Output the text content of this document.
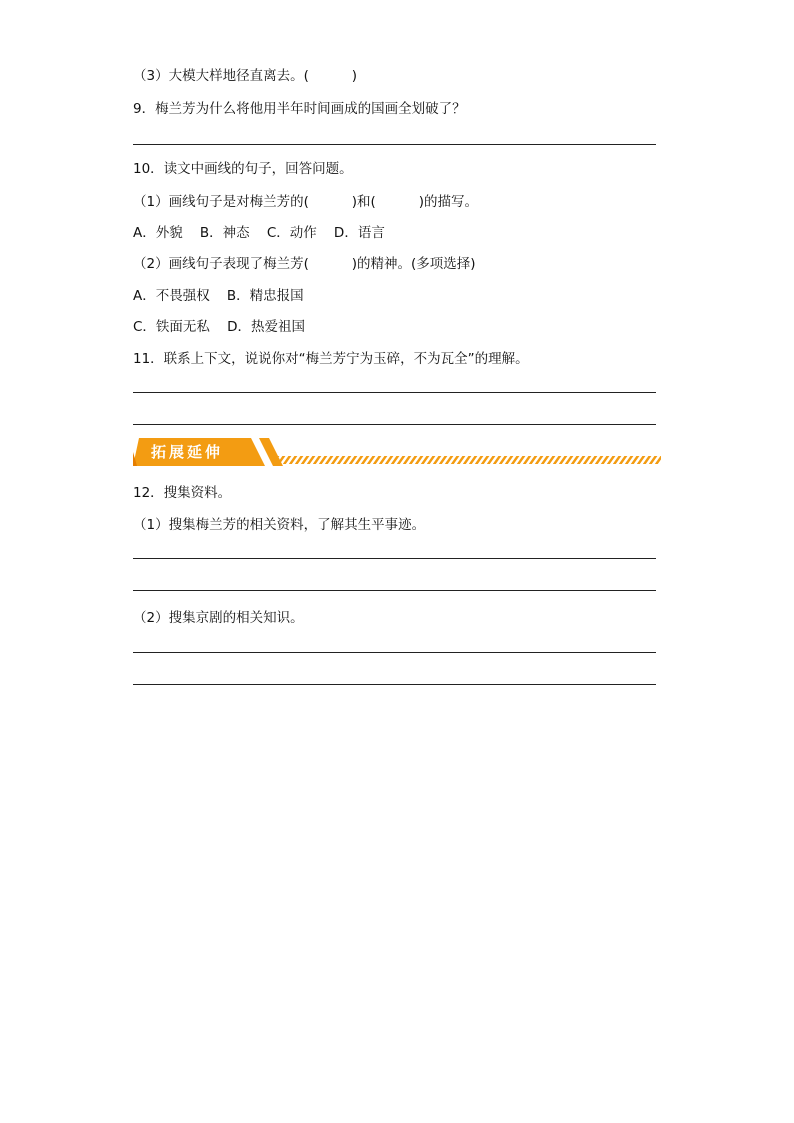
（3）大模大样地径直离去。(          )
9．梅兰芳为什么将他用半年时间画成的国画全划破了？
10．读文中画线的句子，回答问题。
（1）画线句子是对梅兰芳的(          )和(          )的描写。
A．外貌    B．神态    C．动作    D．语言
（2）画线句子表现了梅兰芳(          )的精神。(多项选择)
A．不畏强权    B．精忠报国
C．铁面无私    D．热爱祖国
11．联系上下文，说说你对“梅兰芳宁为玉碎，不为瓦全”的理解。
拓展延伸
12．搜集资料。
（1）搜集梅兰芳的相关资料，了解其生平事迹。
（2）搜集京剧的相关知识。
